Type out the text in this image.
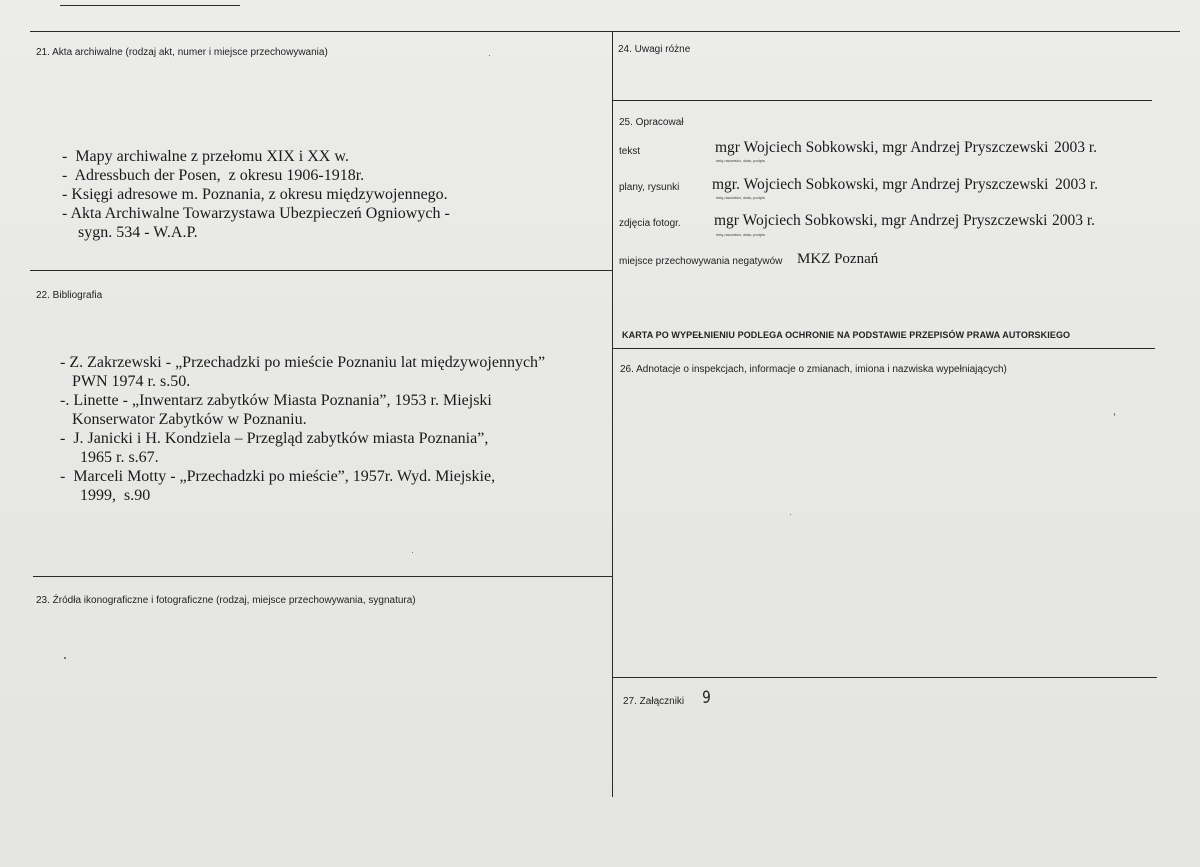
21. Akta archiwalne (rodzaj akt, numer i miejsce przechowywania)
-  Mapy archiwalne z przełomu XIX i XX w.
-  Adressbuch der Posen,  z okresu 1906-1918r.
- Księgi adresowe m. Poznania, z okresu międzywojennego.
- Akta Archiwalne Towarzystawa Ubezpieczeń Ogniowych -
sygn. 534 - W.A.P.
22. Bibliografia
- Z. Zakrzewski - „Przechadzki po mieście Poznaniu lat międzywojennych”
PWN 1974 r. s.50.
-. Linette - „Inwentarz zabytków Miasta Poznania”, 1953 r. Miejski
Konserwator Zabytków w Poznaniu.
-  J. Janicki i H. Kondziela – Przegląd zabytków miasta Poznania”,
1965 r. s.67.
-  Marceli Motty - „Przechadzki po mieście”, 1957r. Wyd. Miejskie,
1999,  s.90
23. Źródła ikonograficzne i fotograficzne (rodzaj, miejsce przechowywania, sygnatura)
24. Uwagi różne
25. Opracował
tekst	mgr Wojciech Sobkowski, mgr Andrzej Pryszczewski 2003 r.
imię,nazwisko, data, podpis
plany, rysunki mgr. Wojciech Sobkowski, mgr Andrzej Pryszczewski 2003 r.
imię,nazwisko, data, podpis
zdjęcia fotogr. mgr Wojciech Sobkowski, mgr Andrzej Pryszczewski 2003 r.
imię,nazwisko, data, podpis
miejsce przechowywania negatywów MKZ Poznań
KARTA PO WYPEŁNIENIU PODLEGA OCHRONIE NA PODSTAWIE PRZEPISÓW PRAWA AUTORSKIEGO
26. Adnotacje o inspekcjach, informacje o zmianach, imiona i nazwiska wypełniających)
27. Załączniki 9
